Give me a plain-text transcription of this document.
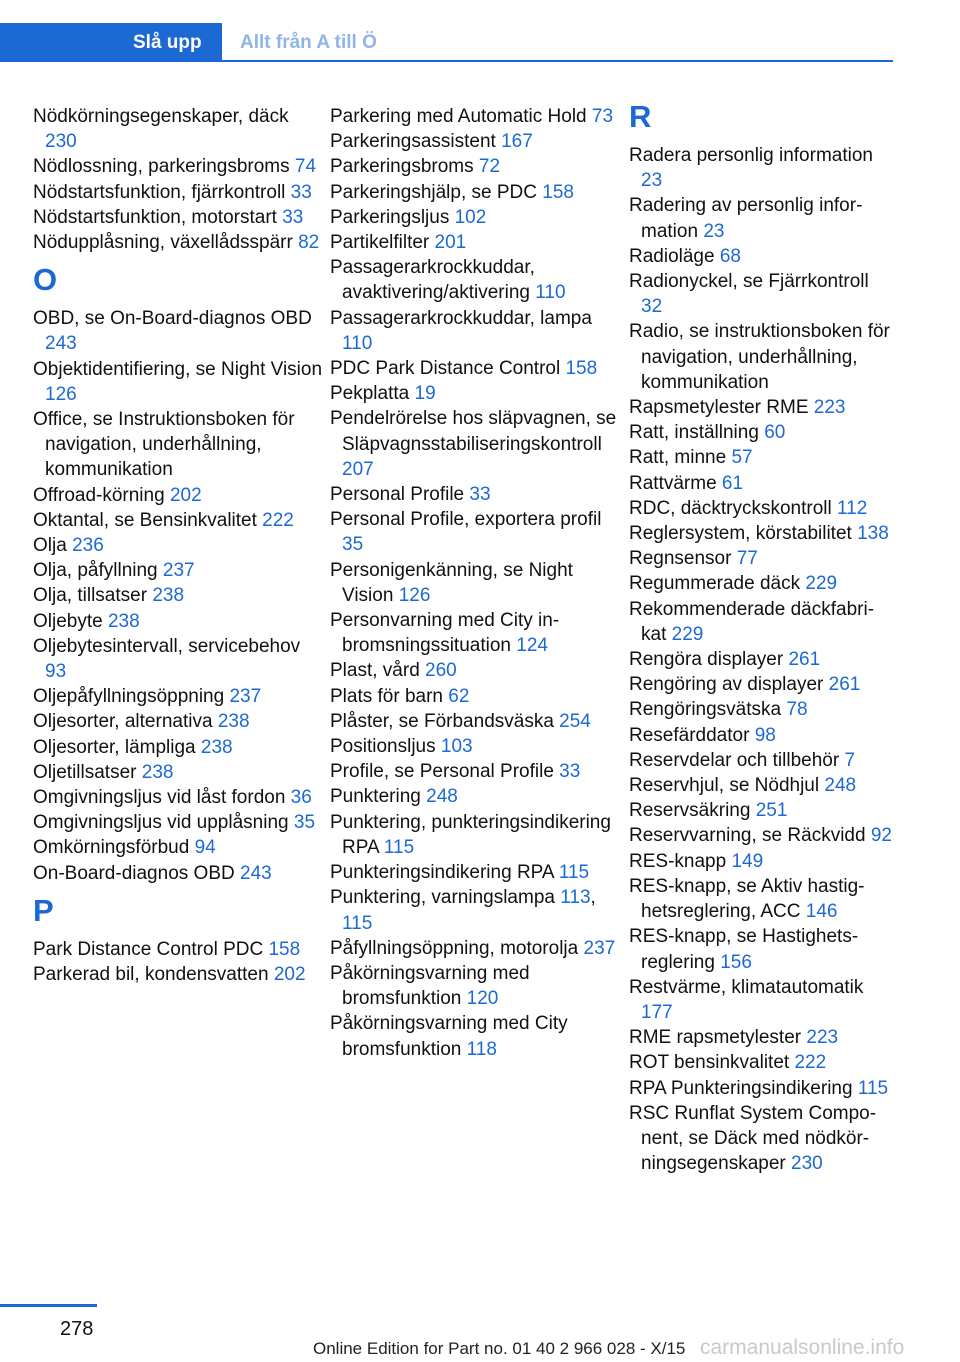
Slå upp	Allt från A till Ö
Nödkörningsegenskaper, däck 230
Nödlossning, parkeringsbroms 74
Nödstartsfunktion, fjärrkontroll 33
Nödstartsfunktion, motorstart 33
Nödupplåsning, växellådsspärr 82
O
OBD, se On-Board-diagnos OBD 243
Objektidentifiering, se Night Vision 126
Office, se Instruktionsboken för navigation, underhållning, kommunikation
Offroad-körning 202
Oktantal, se Bensinkvalitet 222
Olja 236
Olja, påfyllning 237
Olja, tillsatser 238
Oljebyte 238
Oljebytesintervall, servicebehov 93
Oljepåfyllningsöppning 237
Oljesorter, alternativa 238
Oljesorter, lämpliga 238
Oljetillsatser 238
Omgivningsljus vid låst fordon 36
Omgivningsljus vid upplåsning 35
Omkörningsförbud 94
On-Board-diagnos OBD 243
P
Park Distance Control PDC 158
Parkerad bil, kondensvatten 202
Parkering med Automatic Hold 73
Parkeringsassistent 167
Parkeringsbroms 72
Parkeringshjälp, se PDC 158
Parkeringsljus 102
Partikelfilter 201
Passagerarkrockkuddar, avaktivering/aktivering 110
Passagerarkrockkuddar, lampa 110
PDC Park Distance Control 158
Pekplatta 19
Pendelrörelse hos släpvagnen, se Släpvagnsstabiliseringskontroll 207
Personal Profile 33
Personal Profile, exportera profil 35
Personigenkänning, se Night Vision 126
Personvarning med City inbromsningssituation 124
Plast, vård 260
Plats för barn 62
Plåster, se Förbandsväska 254
Positionsljus 103
Profile, se Personal Profile 33
Punktering 248
Punktering, punkteringsindikering RPA 115
Punkteringsindikering RPA 115
Punktering, varningslampa 113, 115
Påfyllningsöppning, motorolja 237
Påkörningsvarning med bromsfunktion 120
Påkörningsvarning med City bromsfunktion 118
R
Radera personlig information 23
Radering av personlig information 23
Radioläge 68
Radionyckel, se Fjärrkontroll 32
Radio, se instruktionsboken för navigation, underhållning, kommunikation
Rapsmetylester RME 223
Ratt, inställning 60
Ratt, minne 57
Rattvärme 61
RDC, däcktryckskontroll 112
Reglersystem, körstabilitet 138
Regnsensor 77
Regummerade däck 229
Rekommenderade däckfabrikat 229
Rengöra displayer 261
Rengöring av displayer 261
Rengöringsvätska 78
Resefärddator 98
Reservdelar och tillbehör 7
Reservhjul, se Nödhjul 248
Reservsäkring 251
Reservvarning, se Räckvidd 92
RES-knapp 149
RES-knapp, se Aktiv hastighetsreglering, ACC 146
RES-knapp, se Hastighetsreglering 156
Restvärme, klimatautomatik 177
RME rapsmetylester 223
ROT bensinkvalitet 222
RPA Punkteringsindikering 115
RSC Runflat System Component, se Däck med nödkörningsegenskaper 230
278
Online Edition for Part no. 01 40 2 966 028 - X/15 carmanualsonline.info
